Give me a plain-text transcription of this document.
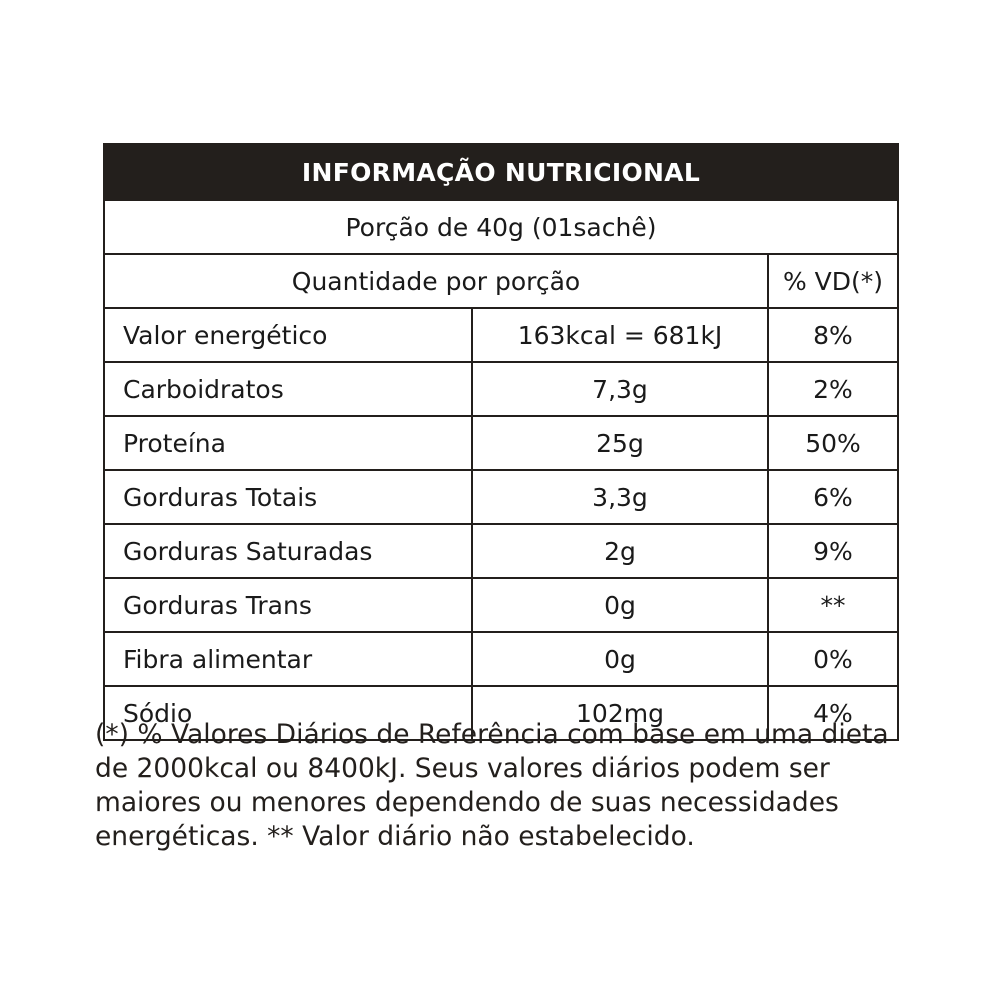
INFORMAÇÃO NUTRICIONAL		
Porção de 40g (01sachê)		
Quantidade por porção		% VD(*)
Valor energético	163kcal = 681kJ	8%
Carboidratos	7,3g	2%
Proteína	25g	50%
Gorduras Totais	3,3g	6%
Gorduras Saturadas	2g	9%
Gorduras Trans	0g	**
Fibra alimentar	0g	0%
Sódio	102mg	4%
(*) % Valores Diários de Referência com base em uma dieta de 2000kcal ou 8400kJ. Seus valores diários podem ser maiores ou menores dependendo de suas necessidades energéticas. ** Valor diário não estabelecido.
